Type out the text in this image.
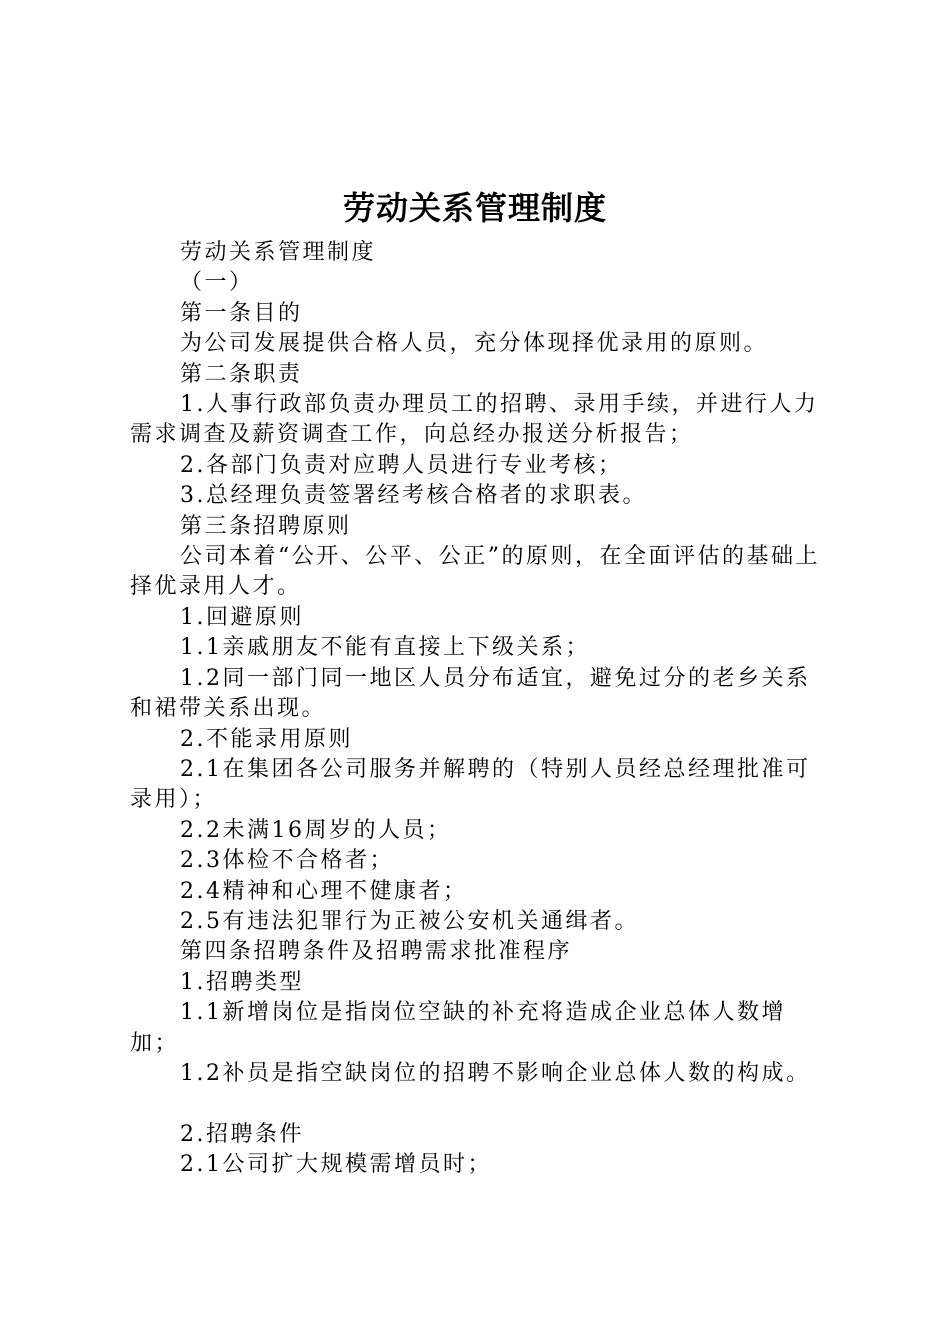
劳动关系管理制度

劳动关系管理制度

（一）

第一条目的

为公司发展提供合格人员，充分体现择优录用的原则。

第二条职责

1.人事行政部负责办理员工的招聘、录用手续，并进行人力需求调查及薪资调查工作，向总经办报送分析报告；

2.各部门负责对应聘人员进行专业考核；

3.总经理负责签署经考核合格者的求职表。

第三条招聘原则

公司本着“公开、公平、公正”的原则，在全面评估的基础上择优录用人才。

1.回避原则

1.1亲戚朋友不能有直接上下级关系；

1.2同一部门同一地区人员分布适宜，避免过分的老乡关系和裙带关系出现。

2.不能录用原则

2.1在集团各公司服务并解聘的（特别人员经总经理批准可录用）；

2.2未满16周岁的人员；

2.3体检不合格者；

2.4精神和心理不健康者；

2.5有违法犯罪行为正被公安机关通缉者。

第四条招聘条件及招聘需求批准程序

1.招聘类型

1.1新增岗位是指岗位空缺的补充将造成企业总体人数增加；

1.2补员是指空缺岗位的招聘不影响企业总体人数的构成。

2.招聘条件

2.1公司扩大规模需增员时；
